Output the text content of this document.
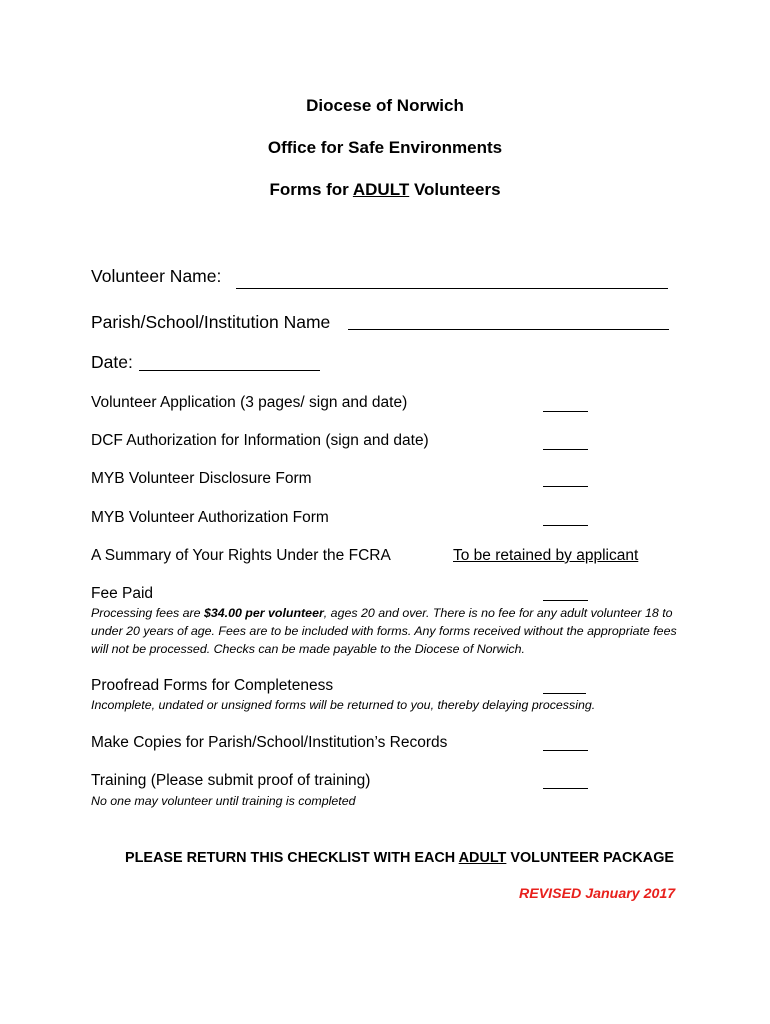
Diocese of Norwich
Office for Safe Environments
Forms for ADULT Volunteers
Volunteer Name:
Parish/School/Institution Name
Date:
Volunteer Application (3 pages/ sign and date)
DCF Authorization for Information (sign and date)
MYB Volunteer Disclosure Form
MYB Volunteer Authorization Form
A Summary of Your Rights Under the FCRA	To be retained by applicant
Fee Paid
Processing fees are $34.00 per volunteer, ages 20 and over. There is no fee for any adult volunteer 18 to under 20 years of age. Fees are to be included with forms. Any forms received without the appropriate fees will not be processed. Checks can be made payable to the Diocese of Norwich.
Proofread Forms for Completeness
Incomplete, undated or unsigned forms will be returned to you, thereby delaying processing.
Make Copies for Parish/School/Institution’s Records
Training (Please submit proof of training)
No one may volunteer until training is completed
PLEASE RETURN THIS CHECKLIST WITH EACH ADULT VOLUNTEER PACKAGE
REVISED January 2017
